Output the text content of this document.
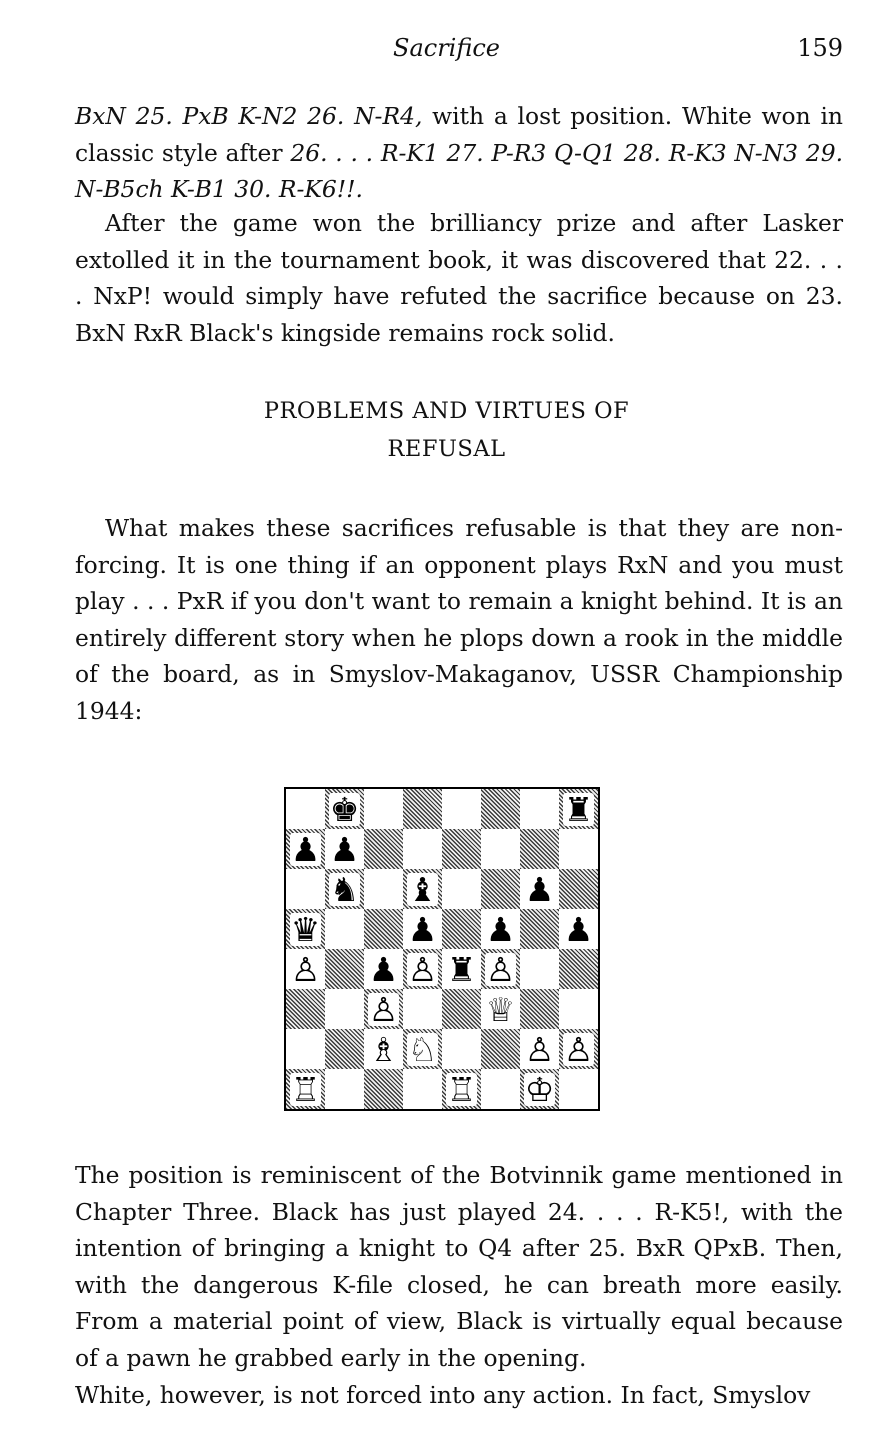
Sacrifice	159

BxN 25. PxB K-N2 26. N-R4, with a lost position. White won in classic style after 26. . . . R-K1 27. P-R3 Q-Q1 28. R-K3 N-N3 29. N-B5ch K-B1 30. R-K6!!.

After the game won the brilliancy prize and after Lasker extolled it in the tournament book, it was discovered that 22. . . . NxP! would simply have refuted the sacrifice because on 23. BxN RxR Black's kingside remains rock solid.

PROBLEMS AND VIRTUES OF
REFUSAL

What makes these sacrifices refusable is that they are non-forcing. It is one thing if an opponent plays RxN and you must play . . . PxR if you don't want to remain a knight behind. It is an entirely different story when he plops down a rook in the middle of the board, as in Smyslov-Makaganov, USSR Championship 1944:

♚	♜
♟ ♟
♞ ♝	♟
♛	♟ ♟ ♟
♙ ♟ ♙ ♜ ♙
♙	♕
♗ ♘	♙ ♙
♖	♖ ♔

The position is reminiscent of the Botvinnik game mentioned in Chapter Three. Black has just played 24. . . . R-K5!, with the intention of bringing a knight to Q4 after 25. BxR QPxB. Then, with the dangerous K-file closed, he can breath more easily. From a material point of view, Black is virtually equal because of a pawn he grabbed early in the opening.

White, however, is not forced into any action. In fact, Smyslov
